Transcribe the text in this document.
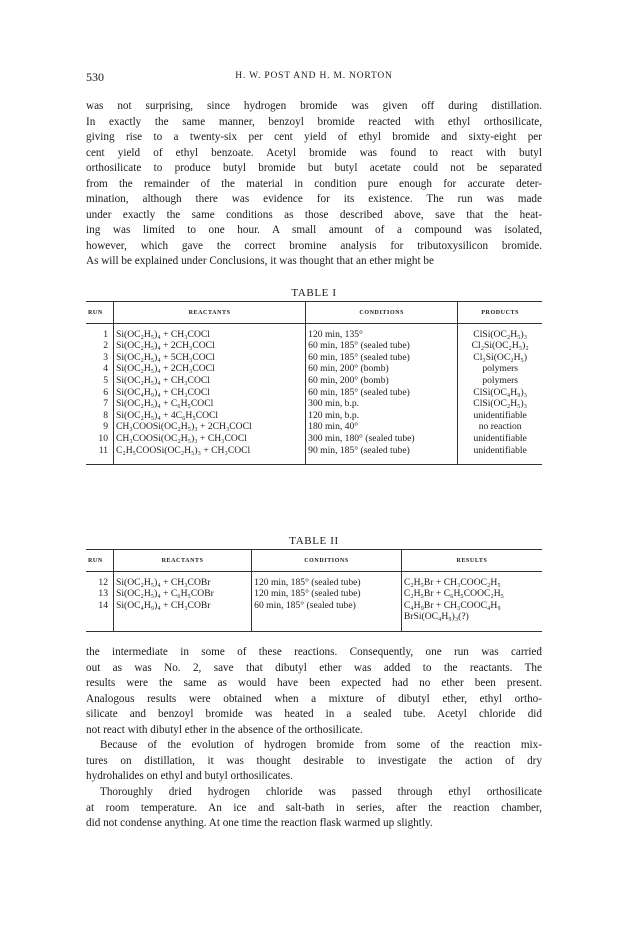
530	H. W. POST AND H. M. NORTON
was not surprising, since hydrogen bromide was given off during distillation.
In exactly the same manner, benzoyl bromide reacted with ethyl orthosilicate,
giving rise to a twenty-six per cent yield of ethyl bromide and sixty-eight per
cent yield of ethyl benzoate. Acetyl bromide was found to react with butyl
orthosilicate to produce butyl bromide but butyl acetate could not be separated
from the remainder of the material in condition pure enough for accurate deter-
mination, although there was evidence for its existence. The run was made
under exactly the same conditions as those described above, save that the heat-
ing was limited to one hour. A small amount of a compound was isolated,
however, which gave the correct bromine analysis for tributoxysilicon bromide.
As will be explained under Conclusions, it was thought that an ether might be
TABLE I
RUN	REACTANTS	CONDITIONS	PRODUCTS
1	Si(OC₂H₅)₄ + CH₃COCl	120 min, 135°	ClSi(OC₂H₅)₃
2	Si(OC₂H₅)₄ + 2CH₃COCl	60 min, 185° (sealed tube)	Cl₂Si(OC₂H₅)₂
3	Si(OC₂H₅)₄ + 5CH₃COCl	60 min, 185° (sealed tube)	Cl₃Si(OC₂H₅)
4	Si(OC₂H₅)₄ + 2CH₃COCl	60 min, 200° (bomb)	polymers
5	Si(OC₂H₅)₄ + CH₃COCl	60 min, 200° (bomb)	polymers
6	Si(OC₄H₉)₄ + CH₃COCl	60 min, 185° (sealed tube)	ClSi(OC₄H₉)₃
7	Si(OC₂H₅)₄ + C₆H₅COCl	300 min, b.p.	ClSi(OC₂H₅)₃
8	Si(OC₂H₅)₄ + 4C₆H₅COCl	120 min, b.p.	unidentifiable
9	CH₃COOSi(OC₂H₅)₃ + 2CH₃COCl	180 min, 40°	no reaction
10	CH₃COOSi(OC₂H₅)₃ + CH₃COCl	300 min, 180° (sealed tube)	unidentifiable
11	C₂H₅COOSi(OC₂H₅)₃ + CH₃COCl	90 min, 185° (sealed tube)	unidentifiable
TABLE II
RUN	REACTANTS	CONDITIONS	RESULTS
12	Si(OC₂H₅)₄ + CH₃COBr	120 min, 185° (sealed tube)	C₂H₅Br + CH₃COOC₂H₅
13	Si(OC₂H₅)₄ + C₆H₅COBr	120 min, 185° (sealed tube)	C₂H₅Br + C₆H₅COOC₂H₅
14	Si(OC₄H₉)₄ + CH₃COBr	60 min, 185° (sealed tube)	C₄H₉Br + CH₃COOC₄H₉
			BrSi(OC₄H₉)₃(?)
the intermediate in some of these reactions. Consequently, one run was carried
out as was No. 2, save that dibutyl ether was added to the reactants. The
results were the same as would have been expected had no ether been present.
Analogous results were obtained when a mixture of dibutyl ether, ethyl ortho-
silicate and benzoyl bromide was heated in a sealed tube. Acetyl chloride did
not react with dibutyl ether in the absence of the orthosilicate.
Because of the evolution of hydrogen bromide from some of the reaction mix-
tures on distillation, it was thought desirable to investigate the action of dry
hydrohalides on ethyl and butyl orthosilicates.
Thoroughly dried hydrogen chloride was passed through ethyl orthosilicate
at room temperature. An ice and salt-bath in series, after the reaction chamber,
did not condense anything. At one time the reaction flask warmed up slightly.
